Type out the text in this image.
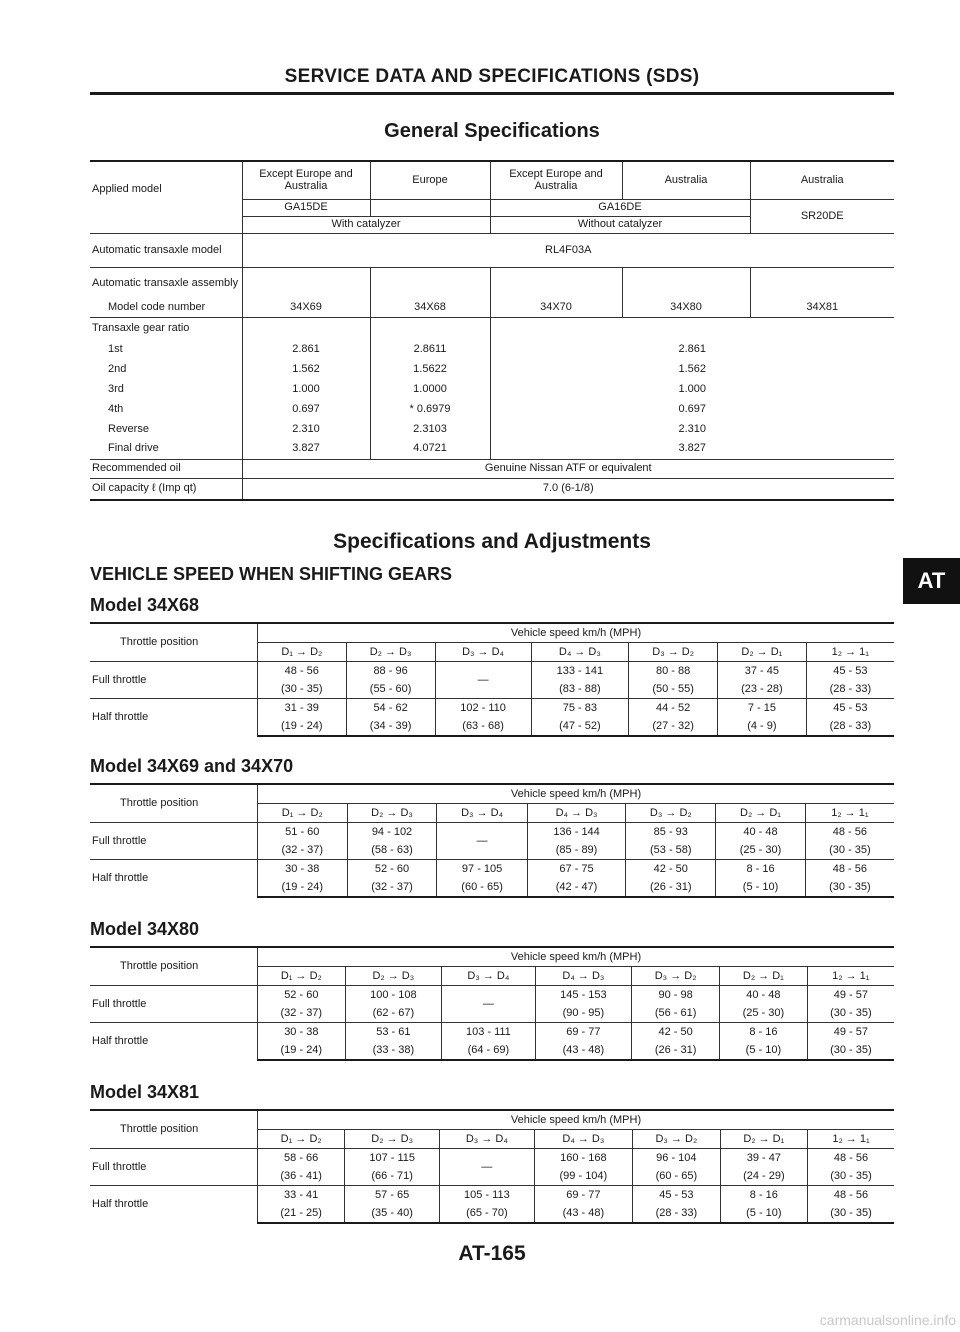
SERVICE DATA AND SPECIFICATIONS (SDS)
General Specifications
Applied model	Except Europe and Australia	Europe	Except Europe and Australia	Australia	Australia
	GA15DE		GA16DE		SR20DE
	With catalyzer		Without catalyzer		
Automatic transaxle model	RL4F03A				
Automatic transaxle assembly					
Model code number	34X69	34X68	34X70	34X80	34X81
Transaxle gear ratio					
1st	2.861	2.8611	2.861		
2nd	1.562	1.5622	1.562		
3rd	1.000	1.0000	1.000		
4th	0.697	* 0.6979	0.697		
Reverse	2.310	2.3103	2.310		
Final drive	3.827	4.0721	3.827		
Recommended oil	Genuine Nissan ATF or equivalent				
Oil capacity ℓ (Imp qt)	7.0 (6-1/8)				
Specifications and Adjustments
VEHICLE SPEED WHEN SHIFTING GEARS
Model 34X68
Throttle position	Vehicle speed km/h (MPH)						
	D₁ → D₂	D₂ → D₃	D₃ → D₄	D₄ → D₃	D₃ → D₂	D₂ → D₁	1₂ → 1₁
Full throttle	48 - 56	88 - 96	—	133 - 141	80 - 88	37 - 45	45 - 53
	(30 - 35)	(55 - 60)		(83 - 88)	(50 - 55)	(23 - 28)	(28 - 33)
Half throttle	31 - 39	54 - 62	102 - 110	75 - 83	44 - 52	7 - 15	45 - 53
	(19 - 24)	(34 - 39)	(63 - 68)	(47 - 52)	(27 - 32)	(4 - 9)	(28 - 33)
Model 34X69 and 34X70
Throttle position	Vehicle speed km/h (MPH)						
	D₁ → D₂	D₂ → D₃	D₃ → D₄	D₄ → D₃	D₃ → D₂	D₂ → D₁	1₂ → 1₁
Full throttle	51 - 60	94 - 102	—	136 - 144	85 - 93	40 - 48	48 - 56
	(32 - 37)	(58 - 63)		(85 - 89)	(53 - 58)	(25 - 30)	(30 - 35)
Half throttle	30 - 38	52 - 60	97 - 105	67 - 75	42 - 50	8 - 16	48 - 56
	(19 - 24)	(32 - 37)	(60 - 65)	(42 - 47)	(26 - 31)	(5 - 10)	(30 - 35)
Model 34X80
Throttle position	Vehicle speed km/h (MPH)						
	D₁ → D₂	D₂ → D₃	D₃ → D₄	D₄ → D₃	D₃ → D₂	D₂ → D₁	1₂ → 1₁
Full throttle	52 - 60	100 - 108	—	145 - 153	90 - 98	40 - 48	49 - 57
	(32 - 37)	(62 - 67)		(90 - 95)	(56 - 61)	(25 - 30)	(30 - 35)
Half throttle	30 - 38	53 - 61	103 - 111	69 - 77	42 - 50	8 - 16	49 - 57
	(19 - 24)	(33 - 38)	(64 - 69)	(43 - 48)	(26 - 31)	(5 - 10)	(30 - 35)
Model 34X81
Throttle position	Vehicle speed km/h (MPH)						
	D₁ → D₂	D₂ → D₃	D₃ → D₄	D₄ → D₃	D₃ → D₂	D₂ → D₁	1₂ → 1₁
Full throttle	58 - 66	107 - 115	—	160 - 168	96 - 104	39 - 47	48 - 56
	(36 - 41)	(66 - 71)		(99 - 104)	(60 - 65)	(24 - 29)	(30 - 35)
Half throttle	33 - 41	57 - 65	105 - 113	69 - 77	45 - 53	8 - 16	48 - 56
	(21 - 25)	(35 - 40)	(65 - 70)	(43 - 48)	(28 - 33)	(5 - 10)	(30 - 35)
AT-165
AT
carmanualsonline.info
